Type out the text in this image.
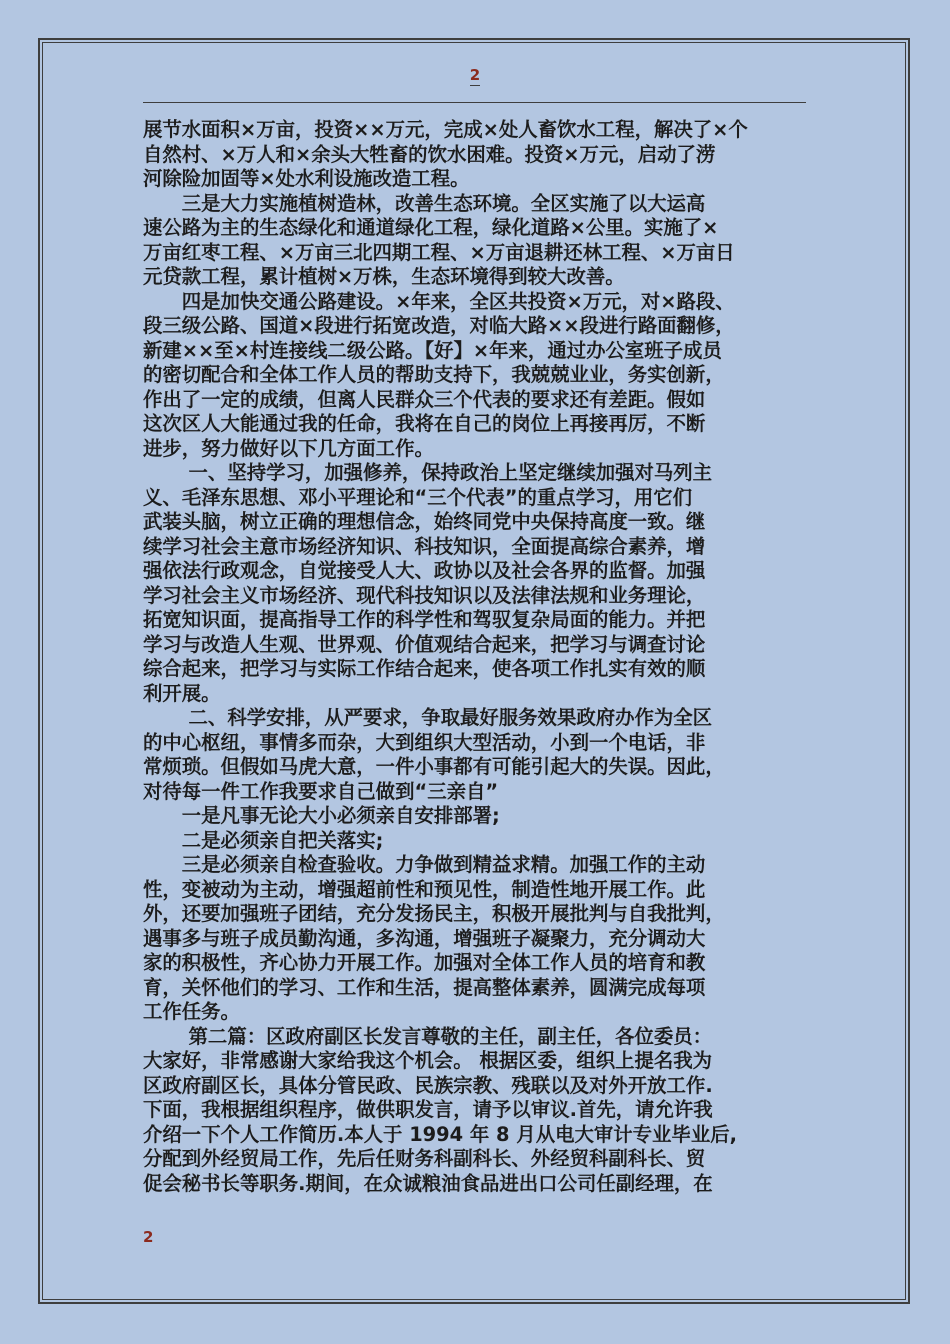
2
展节水面积×万亩，投资××万元，完成×处人畜饮水工程，解决了×个
自然村、×万人和×余头大牲畜的饮水困难。投资×万元，启动了涝
河除险加固等×处水利设施改造工程。
　　三是大力实施植树造林，改善生态环境。全区实施了以大运高
速公路为主的生态绿化和通道绿化工程，绿化道路×公里。实施了×
万亩红枣工程、×万亩三北四期工程、×万亩退耕还林工程、×万亩日
元贷款工程，累计植树×万株，生态环境得到较大改善。
　　四是加快交通公路建设。×年来，全区共投资×万元，对×路段、
段三级公路、国道×段进行拓宽改造，对临大路××段进行路面翻修，
新建××至×村连接线二级公路。【好】×年来，通过办公室班子成员
的密切配合和全体工作人员的帮助支持下，我兢兢业业，务实创新，
作出了一定的成绩，但离人民群众三个代表的要求还有差距。假如
这次区人大能通过我的任命，我将在自己的岗位上再接再厉，不断
进步，努力做好以下几方面工作。
　　 一、坚持学习，加强修养，保持政治上坚定继续加强对马列主
义、毛泽东思想、邓小平理论和“三个代表”的重点学习，用它们
武装头脑，树立正确的理想信念，始终同党中央保持高度一致。继
续学习社会主意市场经济知识、科技知识，全面提高综合素养，增
强依法行政观念，自觉接受人大、政协以及社会各界的监督。加强
学习社会主义市场经济、现代科技知识以及法律法规和业务理论，
拓宽知识面，提高指导工作的科学性和驾驭复杂局面的能力。并把
学习与改造人生观、世界观、价值观结合起来，把学习与调查讨论
综合起来，把学习与实际工作结合起来，使各项工作扎实有效的顺
利开展。
　　 二、科学安排，从严要求，争取最好服务效果政府办作为全区
的中心枢纽，事情多而杂，大到组织大型活动，小到一个电话，非
常烦琐。但假如马虎大意，一件小事都有可能引起大的失误。因此，
对待每一件工作我要求自己做到“三亲自”
　　一是凡事无论大小必须亲自安排部署;
　　二是必须亲自把关落实;
　　三是必须亲自检查验收。力争做到精益求精。加强工作的主动
性，变被动为主动，增强超前性和预见性，制造性地开展工作。此
外，还要加强班子团结，充分发扬民主，积极开展批判与自我批判，
遇事多与班子成员勤沟通，多沟通，增强班子凝聚力，充分调动大
家的积极性，齐心协力开展工作。加强对全体工作人员的培育和教
育，关怀他们的学习、工作和生活，提高整体素养，圆满完成每项
工作任务。
　　 第二篇：区政府副区长发言尊敬的主任，副主任，各位委员：
大家好，非常感谢大家给我这个机会。 根据区委，组织上提名我为
区政府副区长，具体分管民政、民族宗教、残联以及对外开放工作.
下面，我根据组织程序，做供职发言，请予以审议.首先，请允许我
介绍一下个人工作简历.本人于 1994 年 8 月从电大审计专业毕业后,
分配到外经贸局工作，先后任财务科副科长、外经贸科副科长、贸
促会秘书长等职务.期间，在众诚粮油食品进出口公司任副经理，在
2
